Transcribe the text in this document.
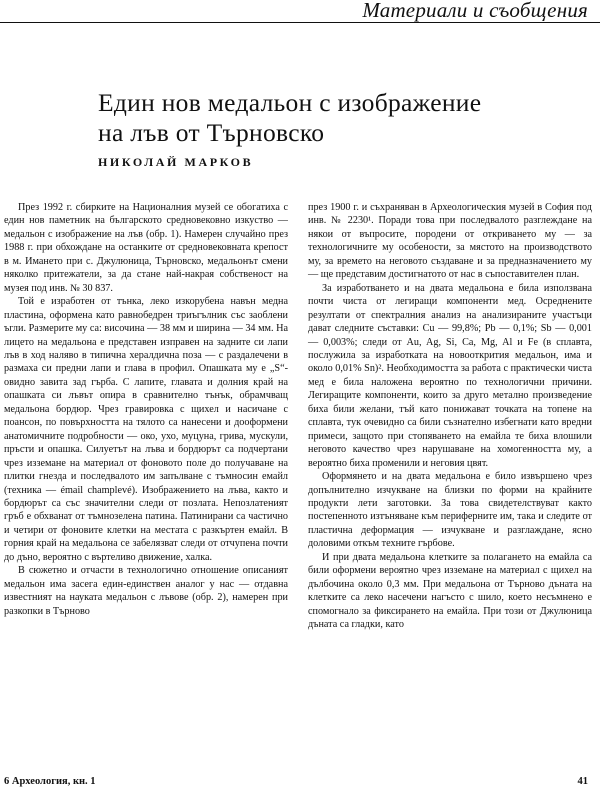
Материали и съобщения
Един нов медальон с изображение
на лъв от Търновско
НИКОЛАЙ МАРКОВ

През 1992 г. сбирките на Националния музей се обогатиха с един нов паметник на българското средновековно изкуство — медальон с изображение на лъв (обр. 1). Намерен случайно през 1988 г. при обхождане на останките от средновековната крепост в м. Имането при с. Джулюница, Търновско, медальонът смени няколко притежатели, за да стане най-накрая собственост на музея под инв. № 30 837.

Той е изработен от тънка, леко изкорубена навън медна пластина, оформена като равнобедрен триъгълник със заоблени ъгли. Размерите му са: височина — 38 мм и ширина — 34 мм. На лицето на медальона е представен изправен на задните си лапи лъв в ход наляво в типична хералдична поза — с раздалечени в размаха си предни лапи и глава в профил. Опашката му е „S“-овидно завита зад гърба. С лапите, главата и долния край на опашката си лъвът опира в сравнително тънък, обрамчващ медальона бордюр. Чрез гравировка с щихел и насичане с поансон, по повърхността на тялото са нанесени и дооформени анатомичните подробности — око, ухо, муцуна, грива, мускули, пръсти и опашка. Силуетът на лъва и бордюрът са подчертани чрез изземане на материал от фоновото поле до получаване на плитки гнезда и последвалото им запълване с тъмносин емайл (техника — émail champlevé). Изображението на лъва, както и бордюрът са със значителни следи от позлата. Непозлатеният гръб е обхванат от тъмнозелена патина. Патинирани са частично и четири от фоновите клетки на местата с разкъртен емайл. В горния край на медальона се забелязват следи от отчупена почти до дъно, вероятно с въртеливо движение, халка.

В сюжетно и отчасти в технологично отношение описаният медальон има засега един-единствен аналог у нас — отдавна известният на науката медальон с лъвове (обр. 2), намерен при разкопки в Търново

през 1900 г. и съхраняван в Археологическия музей в София под инв. № 2230¹. Поради това при последвалото разглеждане на някои от въпросите, породени от откриването му — за технологичните му особености, за мястото на производството му, за времето на неговото създаване и за предназначението му — ще представим достигнатото от нас в съпоставителен план.

За изработването и на двата медальона е била използвана почти чиста от легиращи компоненти мед. Осреднените резултати от спектралния анализ на анализираните участъци дават следните съставки: Cu — 99,8%; Pb — 0,1%; Sb — 0,001 — 0,003%; следи от Au, Ag, Si, Ca, Mg, Al и Fe (в сплавта, послужила за изработката на новооткрития медальон, има и около 0,01% Sn)². Необходимостта за работа с практически чиста мед е била наложена вероятно по технологични причини. Легиращите компоненти, които за друго метално произведение биха били желани, тъй като понижават точката на топене на сплавта, тук очевидно са били съзнателно избегнати като вредни примеси, защото при стопяването на емайла те биха влошили неговото качество чрез нарушаване на хомогенността му, а вероятно биха променили и неговия цвят.

Оформянето и на двата медальона е било извършено чрез допълнително изчукване на близки по форми на крайните продукти лети заготовки. За това свидетелствуват както постепенното изтъняване към периферните им, така и следите от пластична деформация — изчукване и разглаждане, ясно доловими откъм техните гърбове.

И при двата медальона клетките за полагането на емайла са били оформени вероятно чрез изземане на материал с щихел на дълбочина около 0,3 мм. При медальона от Търново дъната на клетките са леко насечени нагъсто с шило, което несъмнено е спомогнало за фиксирането на емайла. При този от Джулюница дъната са гладки, като

6 Археология, кн. 1	41
